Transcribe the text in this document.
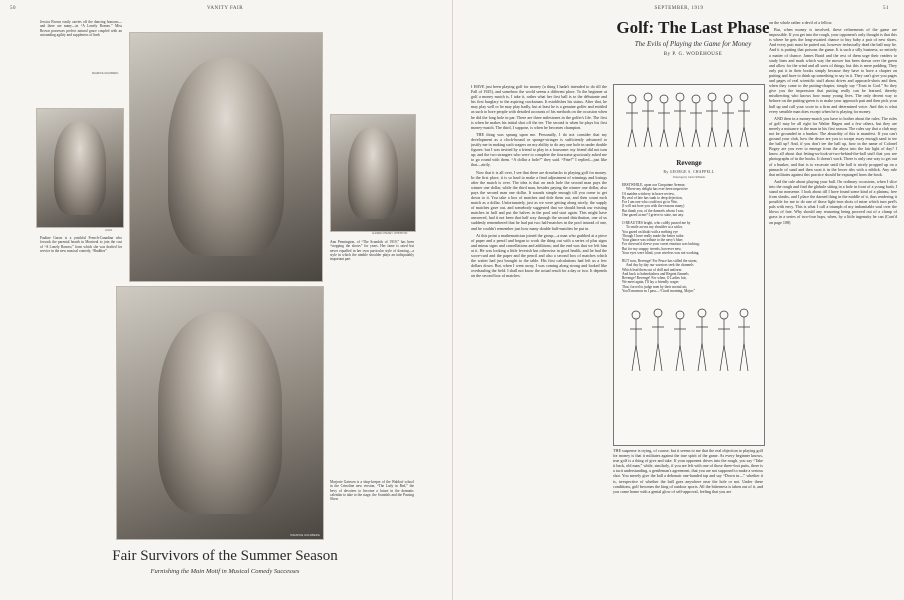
50	VANITY FAIR
Jessica Brown easily carries off the dancing honours—and there are many—in “A Lonely Romeo.” Miss Brown possesses perfect natural grace coupled with an astounding agility and suppleness of limb
MAURICE GOLDBERG
LOGO
Pauline Garon is a youthful French-Canadian who forsook the parental hearth in Montreal to join the cast of “A Lonely Romeo,” from which she was drafted for service in the new musical comedy, “Buddies”
ALFRED CHENEY JOHNSTON
Ann Pennington, of “The Scandals of 1919,” has been “stopping the shows” for years. Her fame is rated but never equalled in her own particular style of dancing—a style in which the nimble shoulder plays an indisputably important part
MAURICE GOLDBERG
Marjorie Gateson is a shop-keeper of the Waldorf school in the Crinoline new version, “The Lady in Red,” the bevy of devotees to become a future in the dramatic calendar to take to the stage, the Scandals and the Passing Show
Fair Survivors of the Summer Season
Furnishing the Main Motif in Musical Comedy Successes
SEPTEMBER, 1919	51
Golf: The Last Phase
The Evils of Playing the Game for Money
By P. G. WODEHOUSE

I HAVE just been playing golf for money (a thing I hadn't intended to do till the Fall of 1925), and somehow the world seems a different place. To the beginner at golf a money match is, I take it, rather what her first ball is to the débutante and his first burglary to the aspiring cracksman. It establishes his status. After that, he may play well or he may play badly, but at least he is a genuine golfer and entitled as such to bore people with detailed accounts of his methods on the occasion when he did the long hole in par. There are three milestones in the golfer's life. The first is when he makes his initial shot off the tee. The second is when he plays his first money-match. The third, I suppose, is when he becomes champion.

THE thing was sprung upon me. Personally, I do not consider that my development as a clock-hound or sponge-stringer is sufficiently advanced to justify me in making such wagers on my ability to do any one hole in under double figures: but I was invited by a friend to play in a foursome: my friend did not turn up; and the two strangers who were to complete the foursome graciously asked me to go round with them. “A dollar a hole?” they said. “Fine!” I replied—just like that—airily.

Now that it is all over, I see that there are drawbacks to playing golf for money. In the first place, it is so hard to make a final adjustment of winnings and losings after the match is over. The idea is that on each hole the second man pays the winner one dollar, while the third man, besides paying the winner one dollar, also pays the second man one dollar. It sounds simple enough till you come to get down to it. You take a box of matches and dole them out, and then count each match as a dollar. Unfortunately, just as we were getting along nicely, the supply of matches gave out, and somebody suggested that we should break our existing matches in half and put the halves in the pool and start again. This might have answered, had it not been that half way through the second distribution, one of us suddenly remembered that he had put two half-matches in the pool instead of one, and he couldn't remember just how many double half-matches he put in.

At this point a mathematician joined the group—a man who grabbed at a piece of paper and a pencil and began to work the thing out with a series of plus signs and minus signs and cancellations and additions; and the end was that we left him at it. He was looking a little feverish but otherwise in good health, and he had the score-card and the paper and the pencil and also a second box of matches which the waiter had just brought to the table. His first calculations had left us a few dollars down. But, when I went away, I was coming along strong and looked like overhauling the field. I shall not know the actual result for a day or two. It depends on the second box of matches.

Revenge
By GEORGE S. CHAPPELL
Drawings by Glenn Williams
ERSTWHILE, upon our Cinquinne Avenue,
Where my delight has ever been inspective
Of maiden witchery in brave review,
By zeal of late has sunk to deep dejection,
For I am one who could not go to War,
(I will not bore you with the reasons many)
But thank you, of the damsels whom I saw,
One gazed at me? I grieve to state, not any.
O BEAUTIES bright, who coldly passed me by
To smile across my shoulder at a sailor,
You gazed on khaki with a melting eye
Though I have really made the better tailor.
Your glance was tribute to the navy's blue;
For chevron'd sleeve your sweet emotion was lurking;
But for my snappy tweeds, however new,
Your eyes were blind, your wireless was not working.
BUT now, Revenge! For Peace has stilled the storm,
And day by day our warriors seek the channels
Which lead them out of drill and uniform
And back to haberdashers and Regent flannels
Revenge! Revenge! For when, O Ladies fair,
We meet again, I'll lay a friendly wager
That, forced to judge men by their mortal air,
You'll murmur as I pass—“Good morning, Major.”

THE suspense is trying, of course, but it seems to me that the real objection to playing golf for money is that it militates against the true spirit of the game. As every beginner knows, true golf is a thing of give and take. If your opponent drives into the rough, you say “Take it back, old man,” while, similarly, if you are left with one of those three-foot putts, there is a tacit understanding, a gentleman's agreement, that you are not supposed to make a serious shot. You merely give the ball a debonair one-handed tap and say “Down in—” whether it is, irrespective of whether the ball goes anywhere near the hole or not. Under these conditions, golf becomes the king of outdoor sports. All the bitterness is taken out of it, and you come home with a genial glow of self-approval, feeling that you are

on the whole rather a devil of a fellow.

But, when money is involved, these refinements of the game are impossible. If you get into the rough, your opponent's only thought is that this is where he gets the long-awaited chance to buy baby a pair of new shoes. And every putt must be putted out, however technically dead the ball may lie. And it is putting that poisons the game. It is such a silly business, so entirely a matter of chance. James Braid and the rest of them urge their readers to study lines and mark which way the mower has been drawn over the green and allow for the wind and all sorts of things, but this is mere padding. They only put it in their books simply because they have to have a chapter on putting and have to think up something to say in it. They can't give you pages and pages of real scientific stuff about drives and approach-shots and then, when they come to the putting-chapter, simply say “Trust in God.” So they give you the impression that putting really can be learned, thereby misdirecting who knows how many young lives. The only decent way to behave on the putting-green is to make your approach putt and then pick your ball up and call your score in a firm and determined voice. And this is what every sensible man does except when he is playing for money.

AND then in a money-match you have to bother about the rules. The rules of golf may be all right for Walter Hagen and a few others, but they are merely a nuisance to the man in his first season. The rules say that a club may not be grounded in a bunker. The absurdity of this is manifest. If you can't ground your club, how the deuce are you to scrape away enough sand to tee the ball up? And, if you don't tee the ball up, how in the name of Colonel Bogey are you ever to emerge from the abyss into the fair light of day? I know all about that letting-us-look-at-two-behind-the-ball stuff that you see photographs of in the books. It doesn't work. There is only one way to get out of a bunker, and that is to excavate until the ball is nicely propped up on a pinnacle of sand and then swat it in the lower ribs with a niblick. Any rule that militates against this practice should be expunged from the book.

And the rule about playing your ball. On ordinary occasions, when I slice into the rough and find the globule sitting in a hole in front of a young bush, I stand no nonsense. I look about till I have found some kind of a plateau, free from shrubs, and I place the darned thing in the middle of it, thus rendering it possible for me to do one of those light-iron shots of mine which turn peel's pals with envy. This is what I call a triumph of my indomitable soul over the blows of fate. Why should any reasoning being proceed out of a clump of grass in a series of two-four hops, when, by a little ingenuity he can (Cont'd on page 108)
